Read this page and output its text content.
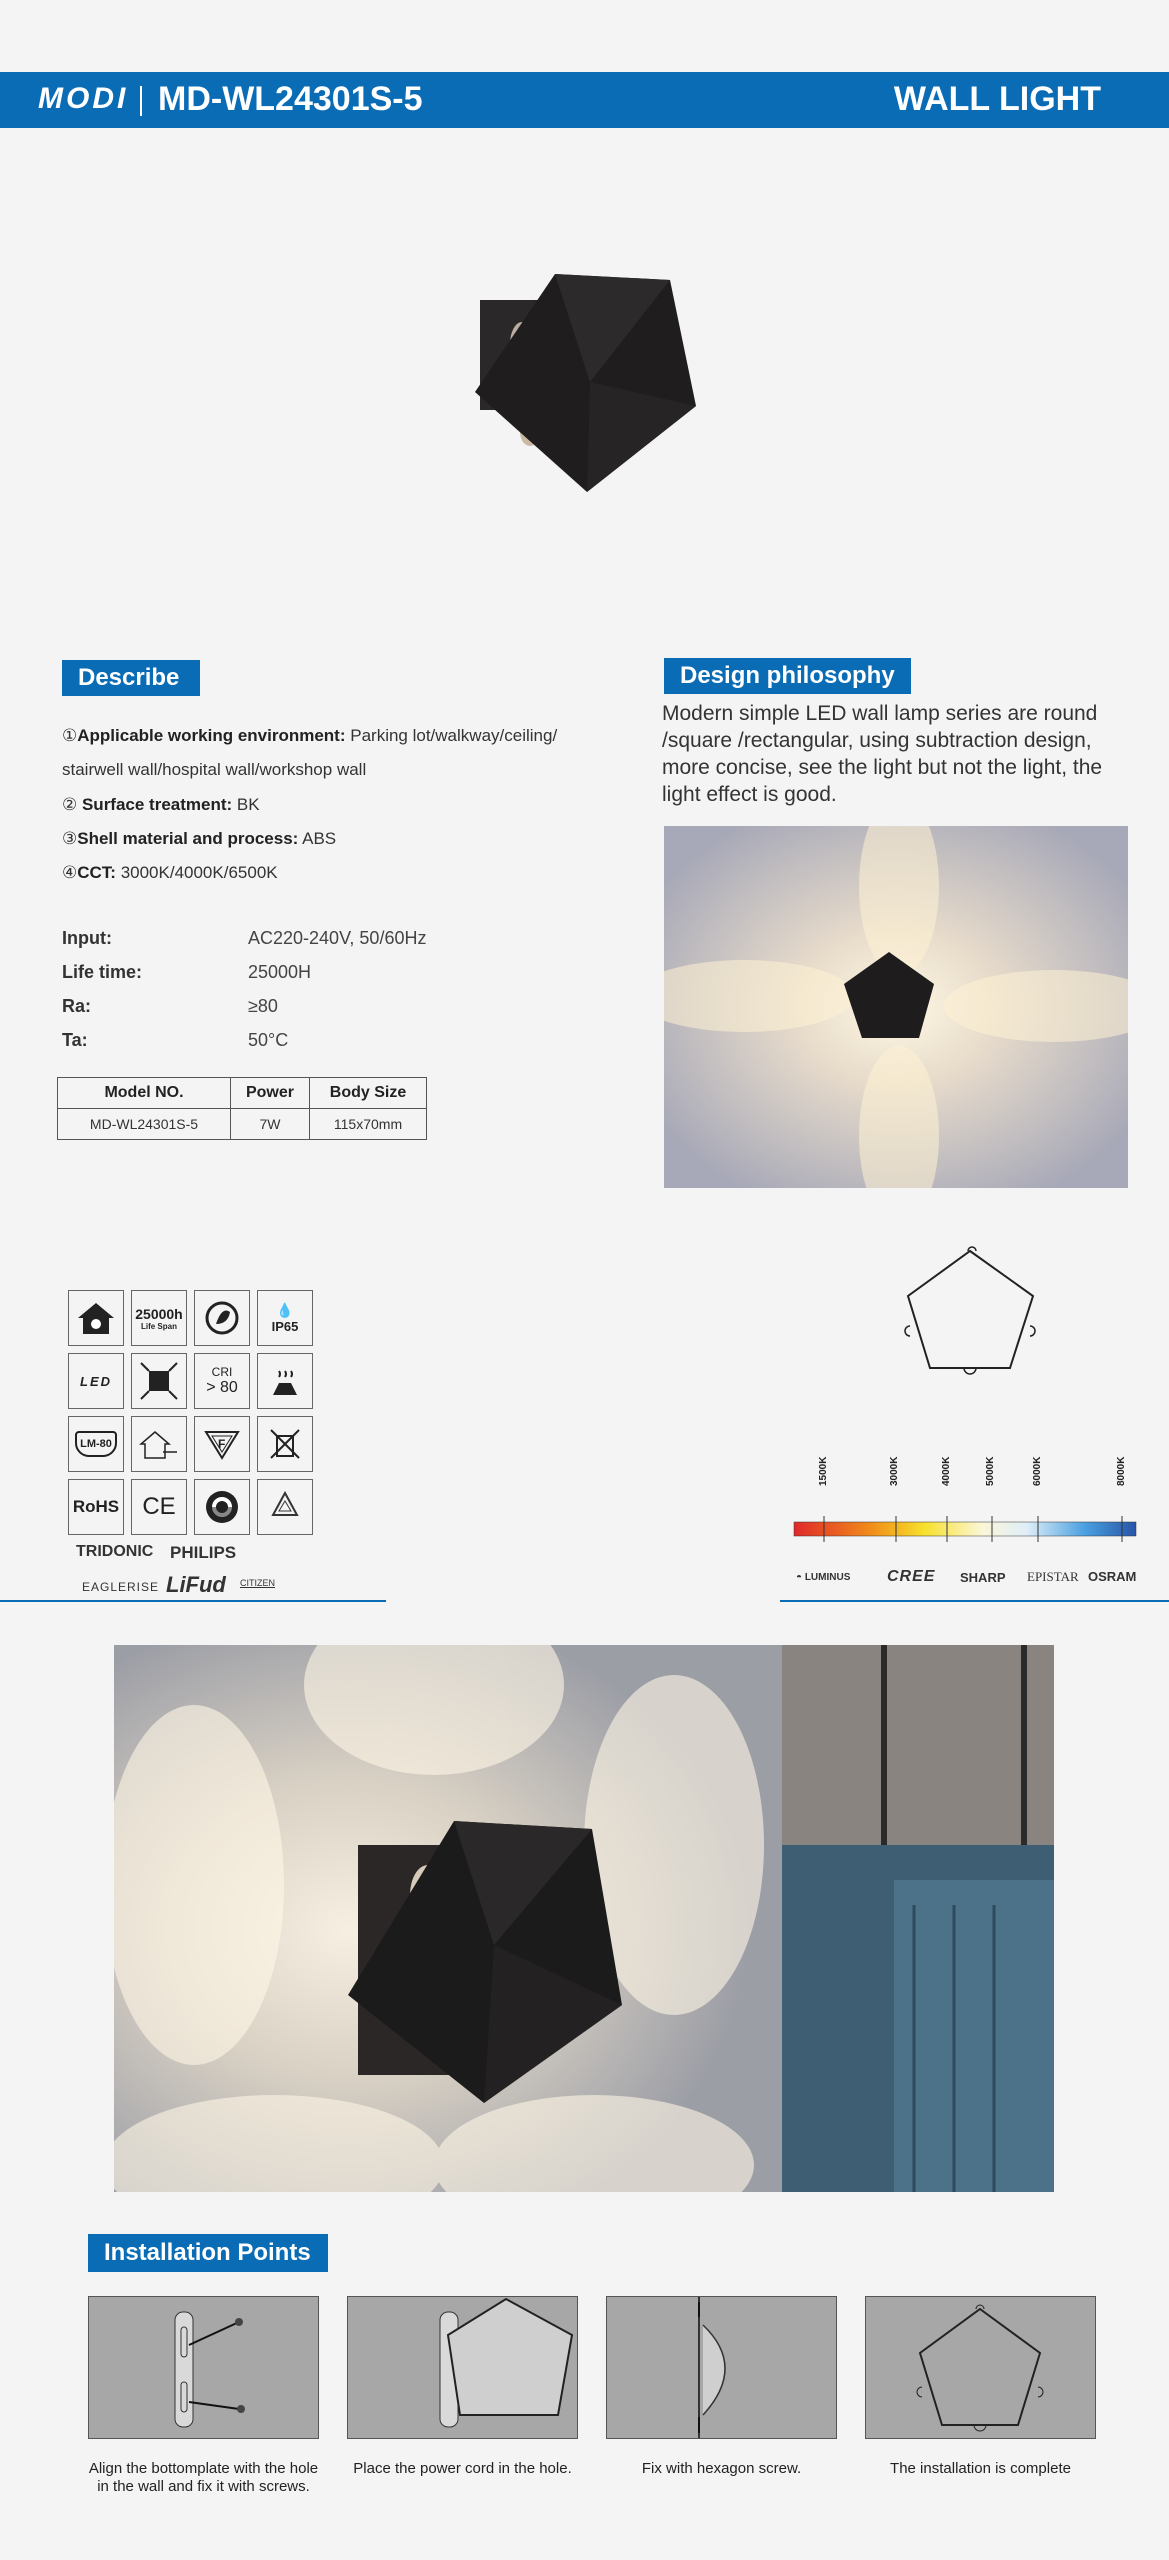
MODI MD-WL24301S-5	WALL LIGHT
Describe
①Applicable working environment: Parking lot/walkway/ceiling/
stairwell wall/hospital wall/workshop wall
② Surface treatment: BK
③Shell material and process: ABS
④CCT: 3000K/4000K/6500K
Input:	AC220-240V, 50/60Hz
Life time:	25000H
Ra:	≥80
Ta:	50°C
Model NO.	Power	Body Size
MD-WL24301S-5	7W	115x70mm
Design philosophy
Modern simple LED wall lamp series are round /square /rectangular, using subtraction design, more concise, see the light but not the light, the light effect is good.
25000h
Life Span
💧
IP65
LED
CRI
> 80
LM-80	F
RoHS CE
TRIDONIC PHILIPS
EAGLERISE LiFud CITIZEN
1500K	3000K	4000K	5000K	6000K	8000K
◓ LUMINUS CREE SHARP EPISTAR OSRAM
Installation Points
Align the bottomplate with the hole in the wall and fix it with screws.
Place the power cord in the hole.	Fix with hexagon screw.	The installation is complete
